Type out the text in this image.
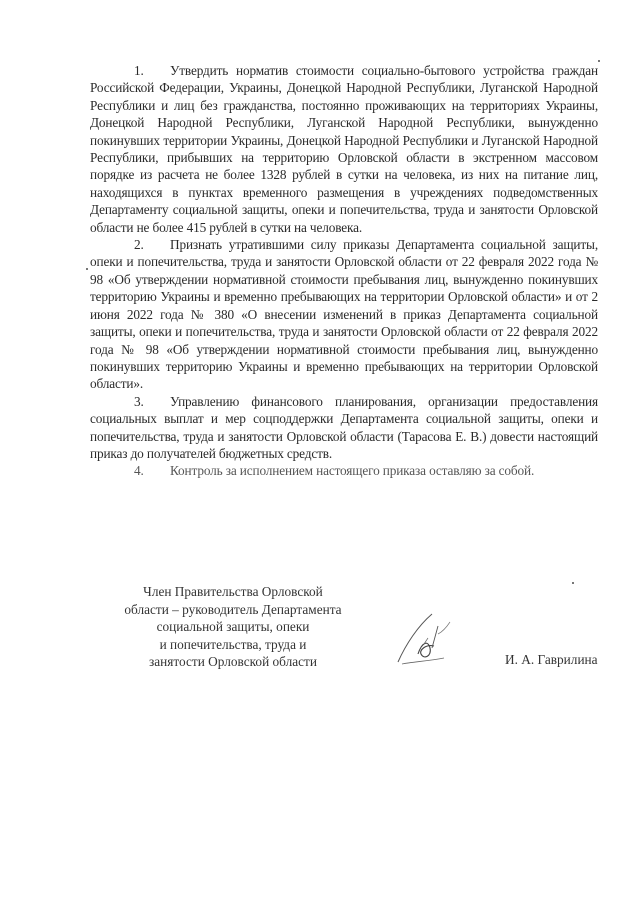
1. Утвердить норматив стоимости социально-бытового устройства граждан Российской Федерации, Украины, Донецкой Народной Республики, Луганской Народной Республики и лиц без гражданства, постоянно проживающих на территориях Украины, Донецкой Народной Республики, Луганской Народной Республики, вынужденно покинувших территории Украины, Донецкой Народной Республики и Луганской Народной Республики, прибывших на территорию Орловской области в экстренном массовом порядке из расчета не более 1328 рублей в сутки на человека, из них на питание лиц, находящихся в пунктах временного размещения в учреждениях подведомственных Департаменту социальной защиты, опеки и попечительства, труда и занятости Орловской области не более 415 рублей в сутки на человека.

2. Признать утратившими силу приказы Департамента социальной защиты, опеки и попечительства, труда и занятости Орловской области от 22 февраля 2022 года № 98 «Об утверждении нормативной стоимости пребывания лиц, вынужденно покинувших территорию Украины и временно пребывающих на территории Орловской области» и от 2 июня 2022 года № 380 «О внесении изменений в приказ Департамента социальной защиты, опеки и попечительства, труда и занятости Орловской области от 22 февраля 2022 года № 98 «Об утверждении нормативной стоимости пребывания лиц, вынужденно покинувших территорию Украины и временно пребывающих на территории Орловской области».

3. Управлению финансового планирования, организации предоставления социальных выплат и мер соцподдержки Департамента социальной защиты, опеки и попечительства, труда и занятости Орловской области (Тарасова Е. В.) довести настоящий приказ до получателей бюджетных средств.

4. Контроль за исполнением настоящего приказа оставляю за собой.

Член Правительства Орловской
области – руководитель Департамента
социальной защиты, опеки
и попечительства, труда и
занятости Орловской области	И. А. Гаврилина
